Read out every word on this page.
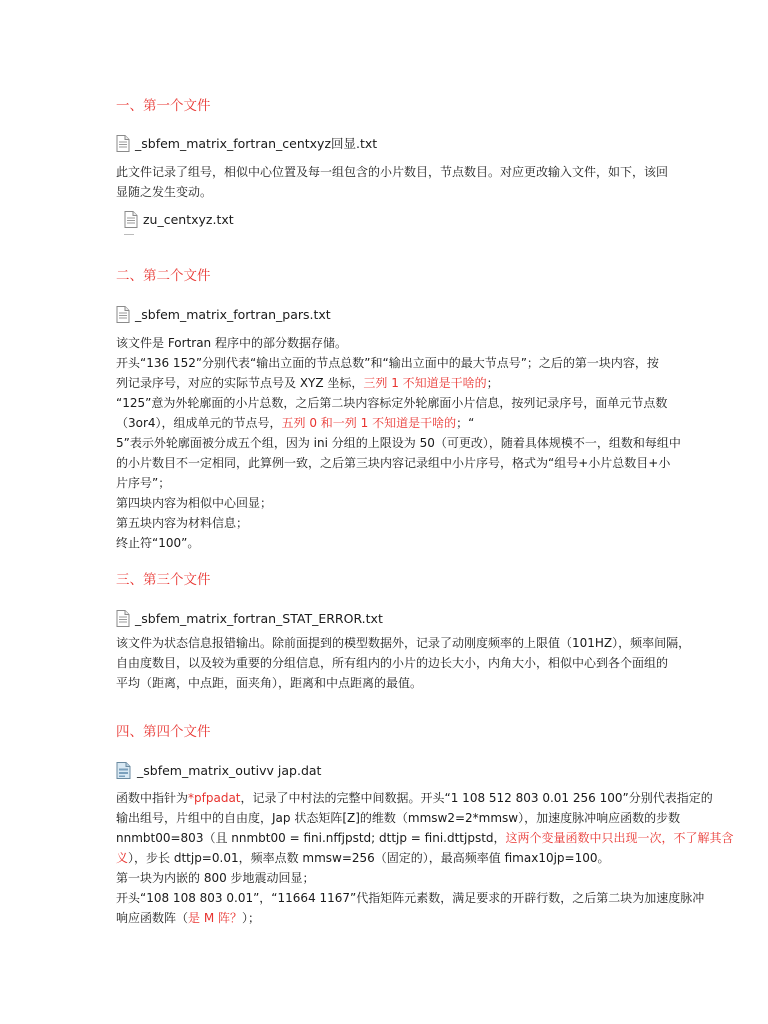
一、第一个文件
_sbfem_matrix_fortran_centxyz回显.txt
此文件记录了组号，相似中心位置及每一组包含的小片数目，节点数目。对应更改输入文件，如下，该回
显随之发生变动。
zu_centxyz.txt
二、第二个文件
_sbfem_matrix_fortran_pars.txt
该文件是 Fortran 程序中的部分数据存储。
开头“136 152”分别代表“输出立面的节点总数”和“输出立面中的最大节点号”；之后的第一块内容，按
列记录序号，对应的实际节点号及 XYZ 坐标，三列 1 不知道是干啥的；
“125”意为外轮廓面的小片总数，之后第二块内容标定外轮廓面小片信息，按列记录序号，面单元节点数
（3or4），组成单元的节点号，五列 0 和一列 1 不知道是干啥的；“
5”表示外轮廓面被分成五个组，因为 ini 分组的上限设为 50（可更改），随着具体规模不一，组数和每组中
的小片数目不一定相同，此算例一致，之后第三块内容记录组中小片序号，格式为“组号+小片总数目+小
片序号”；
第四块内容为相似中心回显；
第五块内容为材料信息；
终止符“100”。
三、第三个文件
_sbfem_matrix_fortran_STAT_ERROR.txt
该文件为状态信息报错输出。除前面提到的模型数据外，记录了动刚度频率的上限值（101HZ），频率间隔，
自由度数目，以及较为重要的分组信息，所有组内的小片的边长大小，内角大小，相似中心到各个面组的
平均（距离，中点距，面夹角），距离和中点距离的最值。
四、第四个文件
_sbfem_matrix_outivv jap.dat
函数中指针为*pfpadat，记录了中村法的完整中间数据。开头“1 108 512 803 0.01 256 100”分别代表指定的
输出组号，片组中的自由度，Jap 状态矩阵[Z]的维数（mmsw2=2*mmsw），加速度脉冲响应函数的步数
nnmbt00=803（且 nnmbt00 = fini.nffjpstd; dttjp = fini.dttjpstd，这两个变量函数中只出现一次，不了解其含
义），步长 dttjp=0.01，频率点数 mmsw=256（固定的），最高频率值 fimax10jp=100。
第一块为内嵌的 800 步地震动回显；
开头“108 108 803 0.01”，“11664 1167”代指矩阵元素数，满足要求的开辟行数，之后第二块为加速度脉冲
响应函数阵（是 M 阵？）；
